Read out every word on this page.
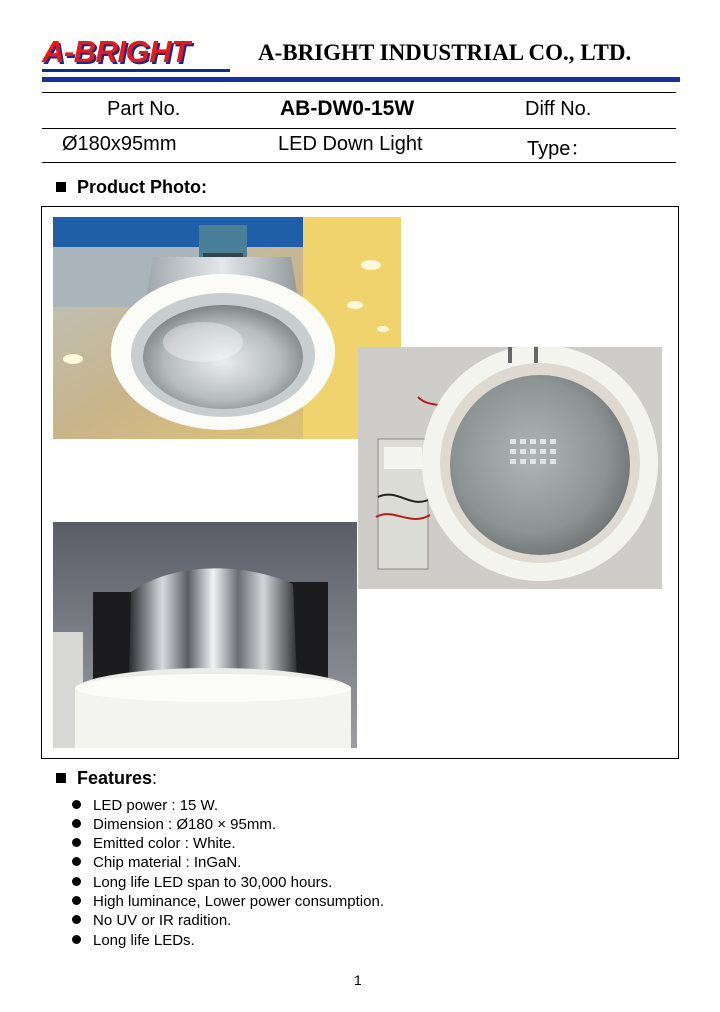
A-BRIGHT	A-BRIGHT INDUSTRIAL CO., LTD.
Part No.	AB-DW0-15W	Diff No.
Ø180x95mm	LED Down Light	Type：
Product Photo:
Features:
LED power : 15 W.
Dimension : Ø180 × 95mm.
Emitted color : White.
Chip material : InGaN.
Long life LED span to 30,000 hours.
High luminance, Lower power consumption.
No UV or IR radition.
Long life LEDs.
1
